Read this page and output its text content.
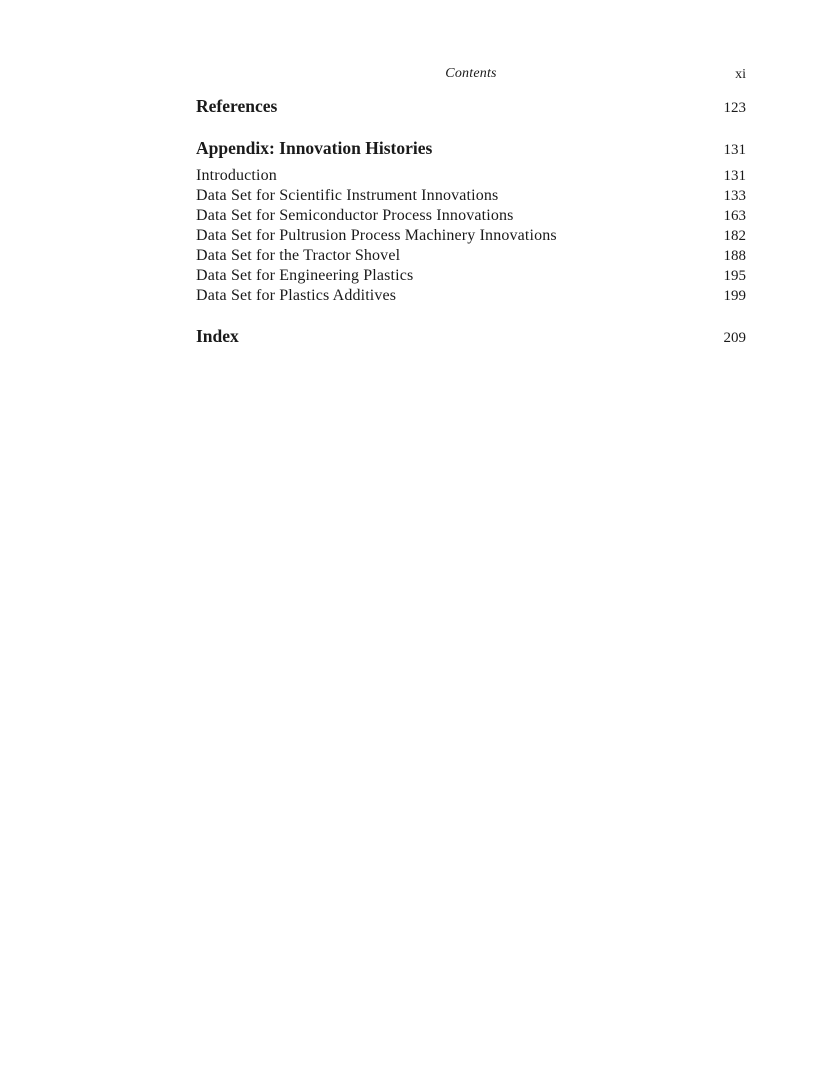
Contents	xi
References	123
Appendix: Innovation Histories	131
Introduction	131
Data Set for Scientific Instrument Innovations	133
Data Set for Semiconductor Process Innovations	163
Data Set for Pultrusion Process Machinery Innovations	182
Data Set for the Tractor Shovel	188
Data Set for Engineering Plastics	195
Data Set for Plastics Additives	199
Index	209
